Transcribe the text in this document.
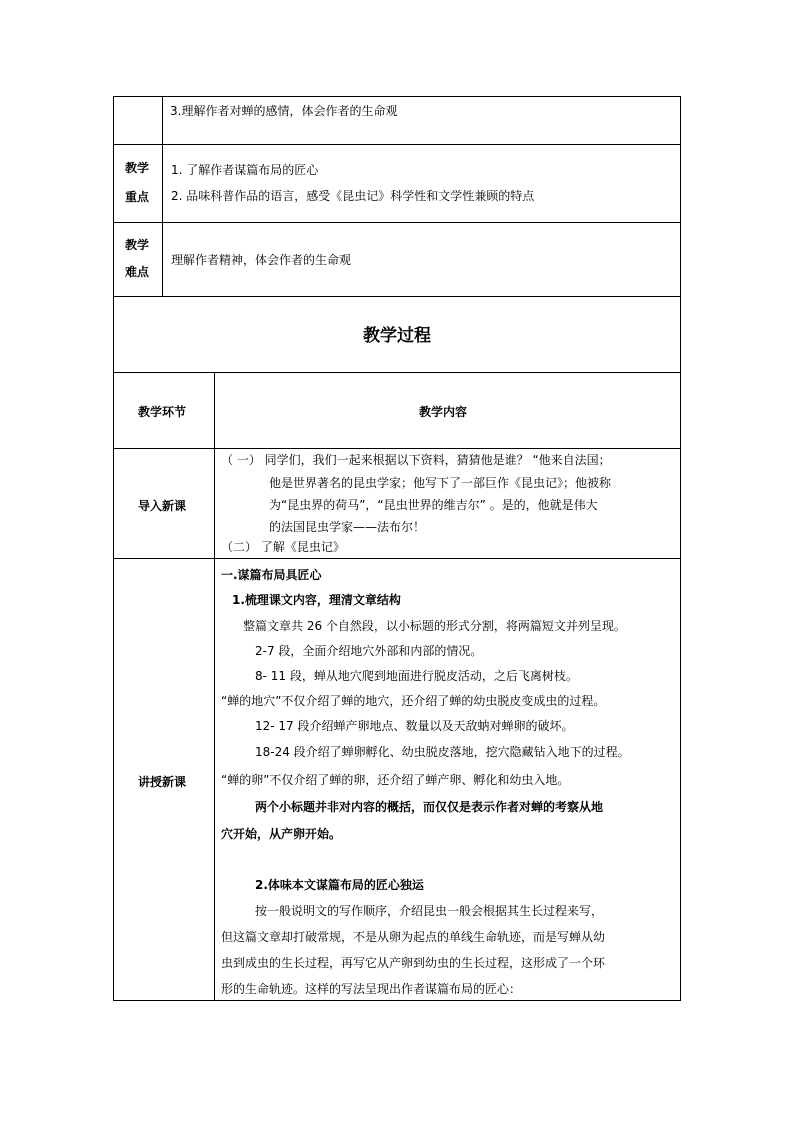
3.理解作者对蝉的感情，体会作者的生命观
教学
重点
1. 了解作者谋篇布局的匠心
2. 品味科普作品的语言，感受《昆虫记》科学性和文学性兼顾的特点
教学
难点
理解作者精神，体会作者的生命观
教学过程
教学环节	教学内容
导入新课
（ 一） 同学们，我们一起来根据以下资料，猜猜他是谁？ “他来自法国；
他是世界著名的昆虫学家；他写下了一部巨作《昆虫记》；他被称
为“昆虫界的荷马”，“昆虫世界的维吉尔” 。是的，他就是伟大
的法国昆虫学家——法布尔！
（二） 了解《昆虫记》
讲授新课
一.谋篇布局具匠心
1.梳理课文内容，理清文章结构
整篇文章共 26 个自然段，以小标题的形式分割，将两篇短文并列呈现。
2-7 段，全面介绍地穴外部和内部的情况。
8- 11 段，蝉从地穴爬到地面进行脱皮活动，之后飞离树枝。
“蝉的地穴”不仅介绍了蝉的地穴，还介绍了蝉的幼虫脱皮变成虫的过程。
12- 17 段介绍蝉产卵地点、数量以及天敌蚋对蝉卵的破坏。
18-24 段介绍了蝉卵孵化、幼虫脱皮落地，挖穴隐藏钻入地下的过程。
“蝉的卵”不仅介绍了蝉的卵，还介绍了蝉产卵、孵化和幼虫入地。
两个小标题并非对内容的概括，而仅仅是表示作者对蝉的考察从地
穴开始，从产卵开始。
2.体味本文谋篇布局的匠心独运
按一般说明文的写作顺序，介绍昆虫一般会根据其生长过程来写，
但这篇文章却打破常规，不是从卵为起点的单线生命轨迹，而是写蝉从幼
虫到成虫的生长过程，再写它从产卵到幼虫的生长过程，这形成了一个环
形的生命轨迹。这样的写法呈现出作者谋篇布局的匠心：
